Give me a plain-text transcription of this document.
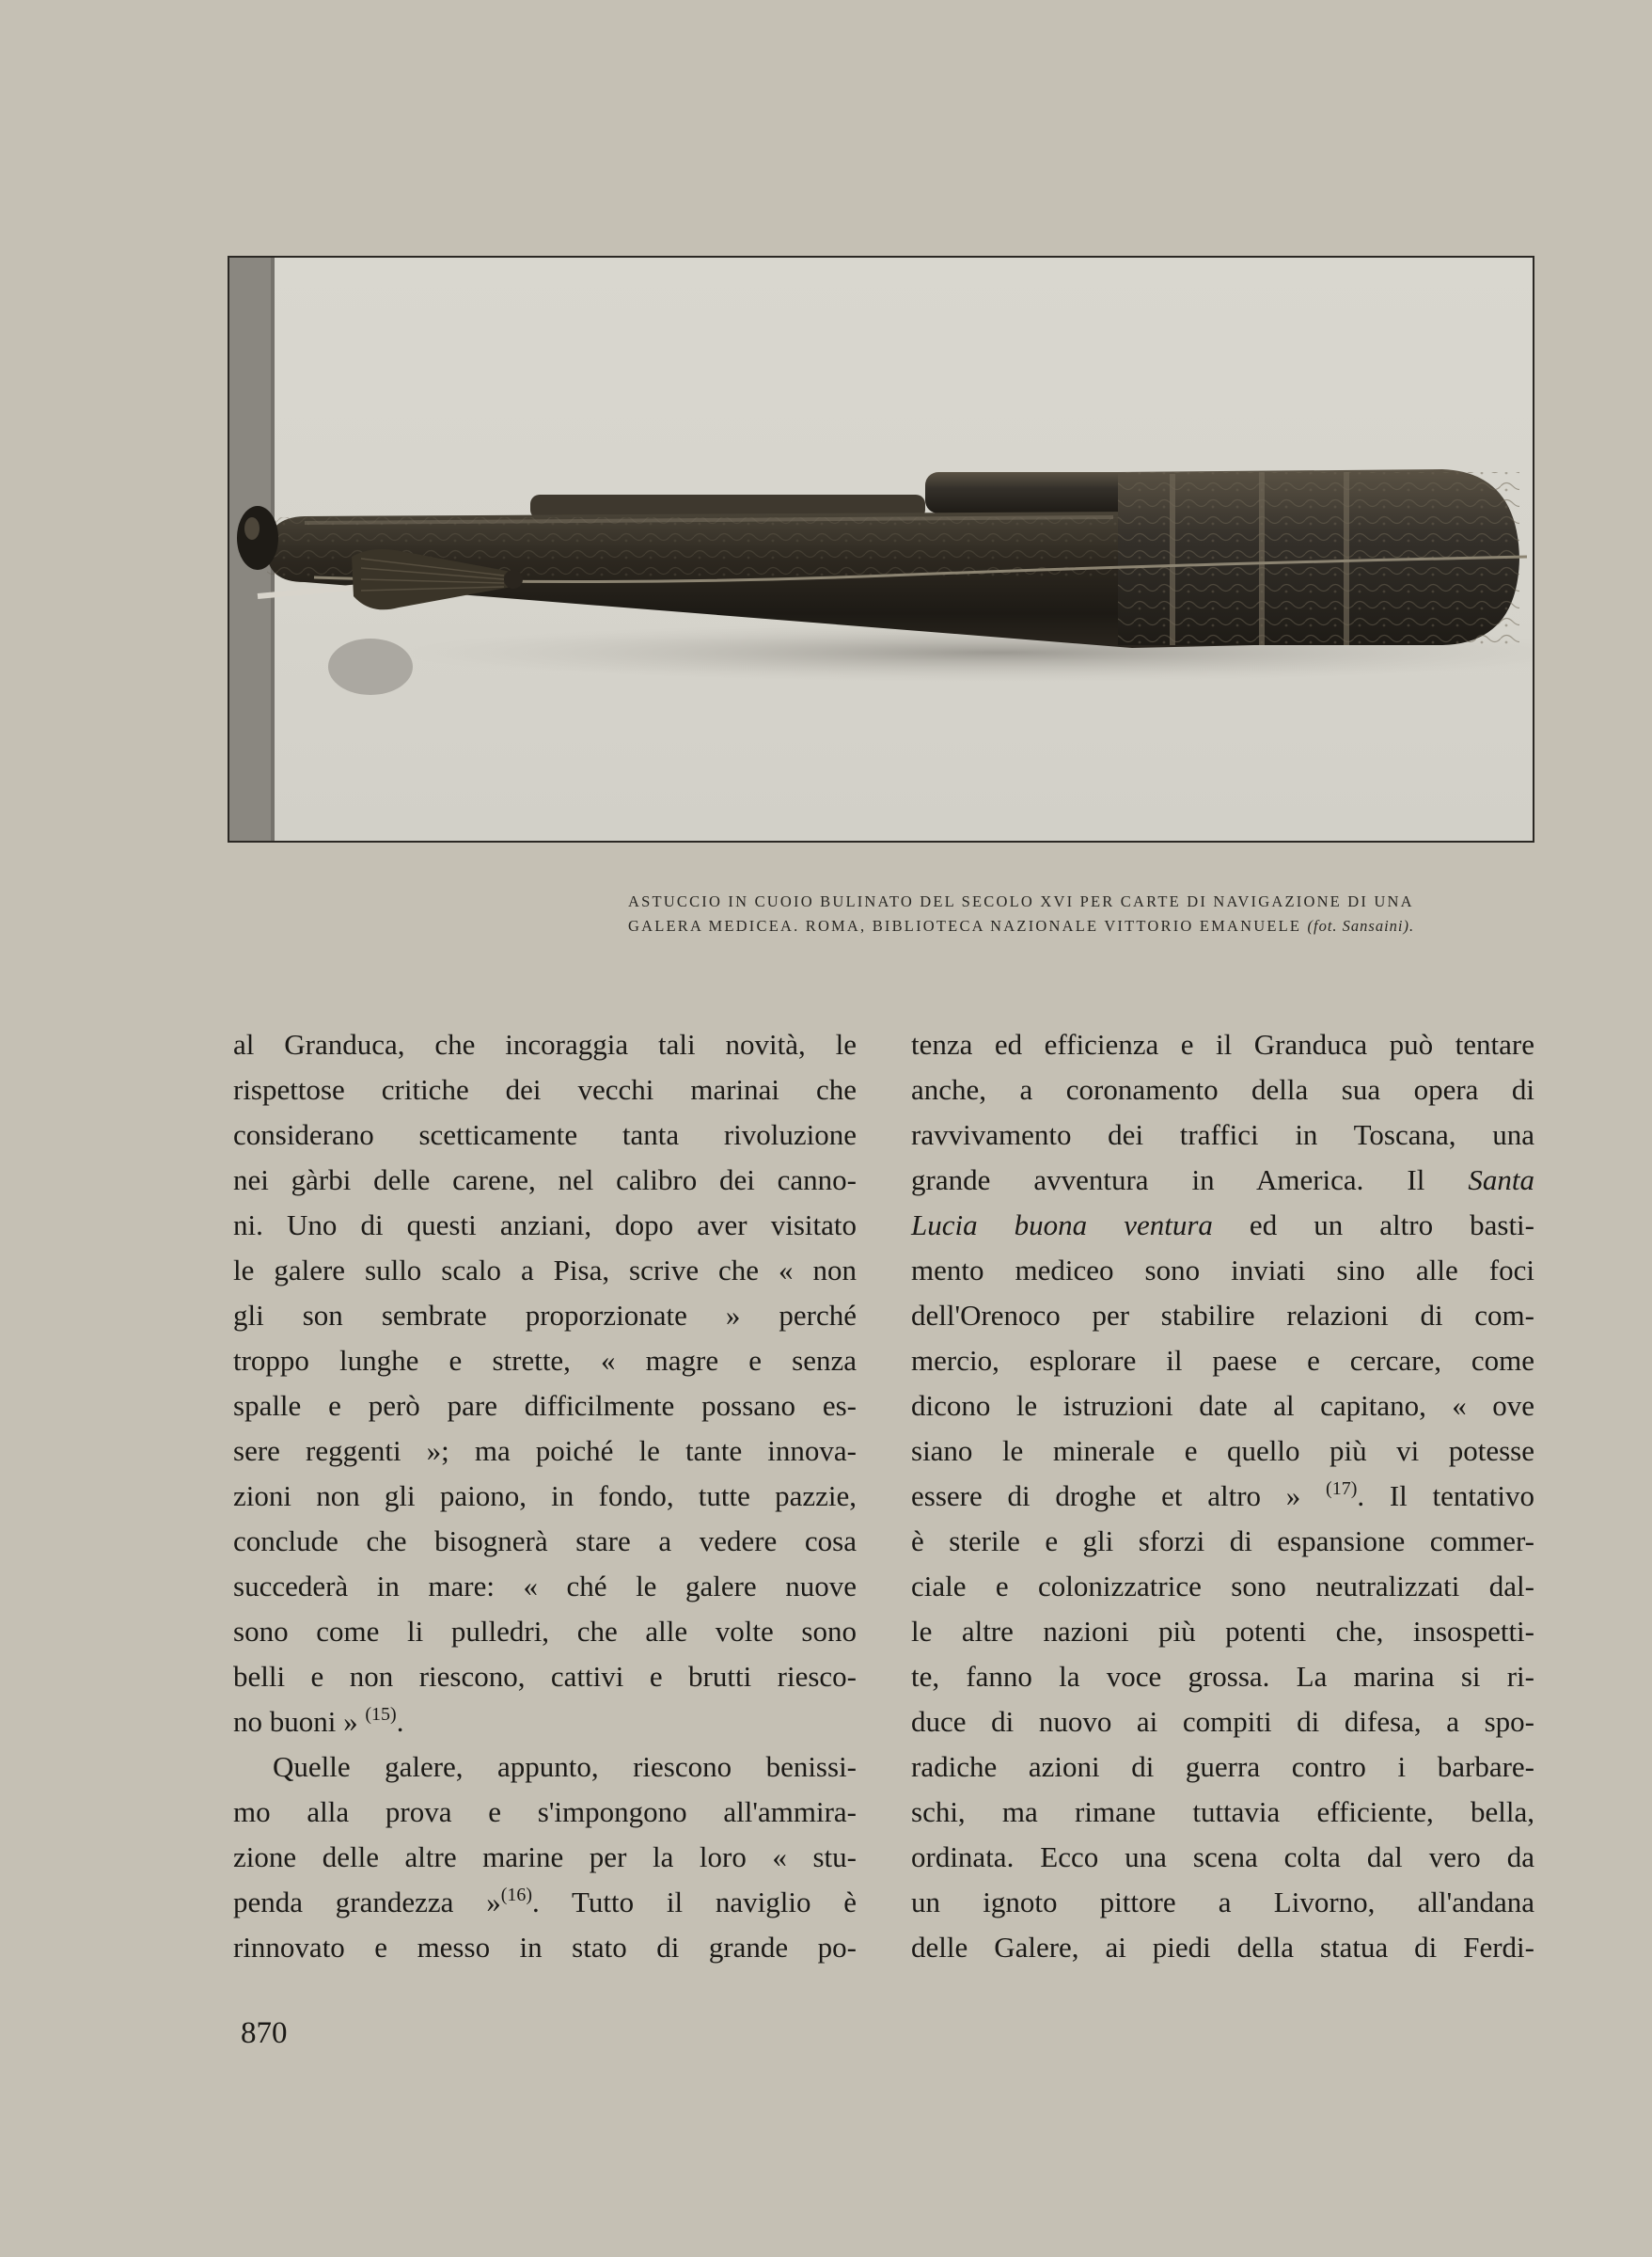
ASTUCCIO IN CUOIO BULINATO DEL SECOLO XVI PER CARTE DI NAVIGAZIONE DI UNA
GALERA MEDICEA. ROMA, BIBLIOTECA NAZIONALE VITTORIO EMANUELE (fot. Sansaini).
al Granduca, che incoraggia tali novità, le
rispettose critiche dei vecchi marinai che
considerano scetticamente tanta rivoluzione
nei gàrbi delle carene, nel calibro dei canno-
ni. Uno di questi anziani, dopo aver visitato
le galere sullo scalo a Pisa, scrive che « non
gli son sembrate proporzionate » perché
troppo lunghe e strette, « magre e senza
spalle e però pare difficilmente possano es-
sere reggenti »; ma poiché le tante innova-
zioni non gli paiono, in fondo, tutte pazzie,
conclude che bisognerà stare a vedere cosa
succederà in mare: « ché le galere nuove
sono come li pulledri, che alle volte sono
belli e non riescono, cattivi e brutti riesco-
no buoni » $^{(15)}$.
Quelle galere, appunto, riescono benissi-
mo alla prova e s'impongono all'ammira-
zione delle altre marine per la loro « stu-
penda grandezza »$^{(16)}$. Tutto il naviglio è
rinnovato e messo in stato di grande po-
tenza ed efficienza e il Granduca può tentare
anche, a coronamento della sua opera di
ravvivamento dei traffici in Toscana, una
grande avventura in America. Il Santa
Lucia buona ventura ed un altro basti-
mento mediceo sono inviati sino alle foci
dell'Orenoco per stabilire relazioni di com-
mercio, esplorare il paese e cercare, come
dicono le istruzioni date al capitano, « ove
siano le minerale e quello più vi potesse
essere di droghe et altro » $^{(17)}$. Il tentativo
è sterile e gli sforzi di espansione commer-
ciale e colonizzatrice sono neutralizzati dal-
le altre nazioni più potenti che, insospetti-
te, fanno la voce grossa. La marina si ri-
duce di nuovo ai compiti di difesa, a spo-
radiche azioni di guerra contro i barbare-
schi, ma rimane tuttavia efficiente, bella,
ordinata. Ecco una scena colta dal vero da
un ignoto pittore a Livorno, all'andana
delle Galere, ai piedi della statua di Ferdi-
870
